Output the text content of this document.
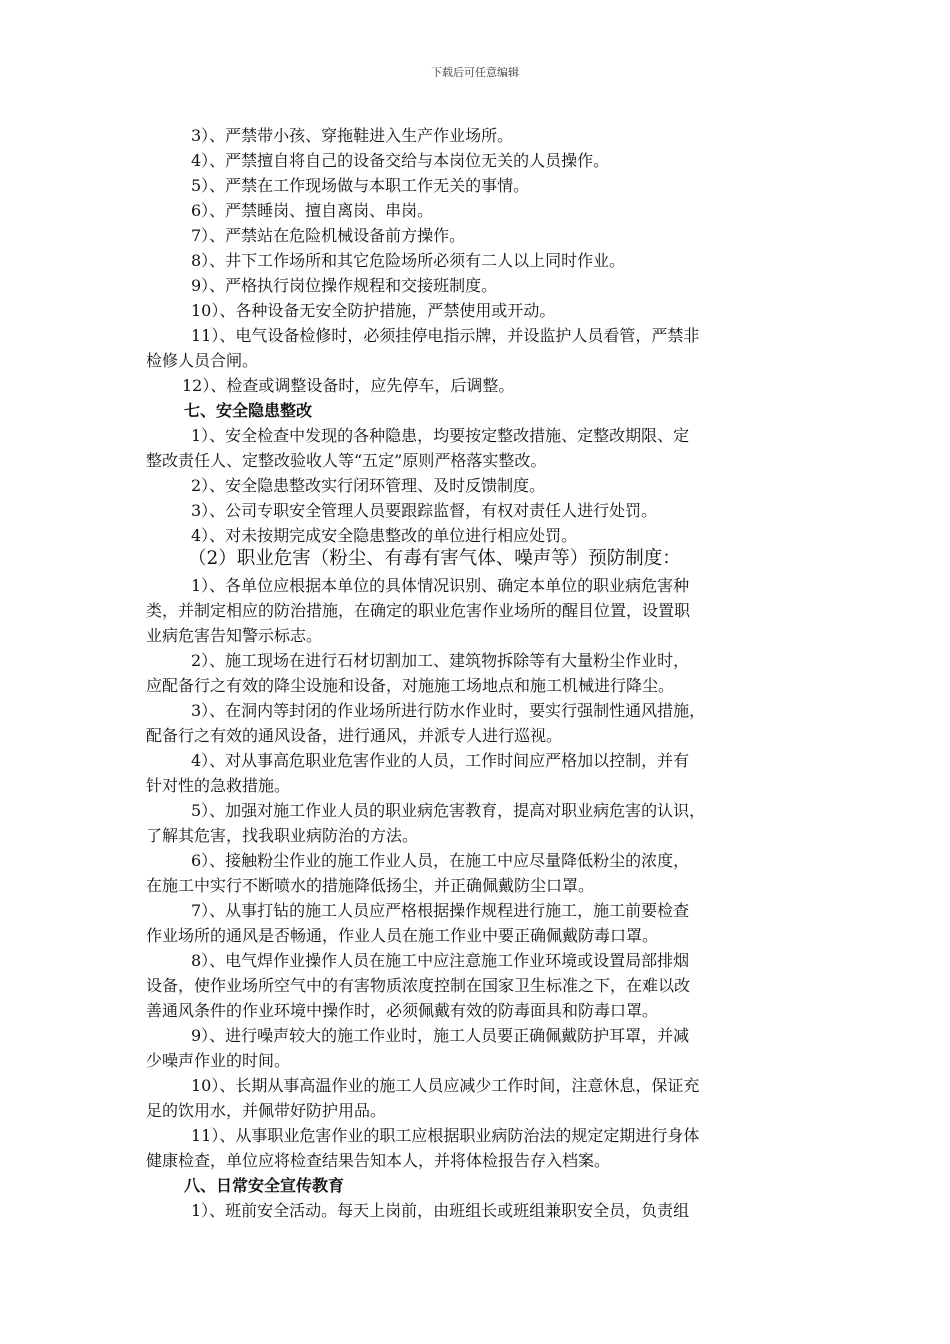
下载后可任意编辑
3）、严禁带小孩、穿拖鞋进入生产作业场所。
4）、严禁擅自将自己的设备交给与本岗位无关的人员操作。
5）、严禁在工作现场做与本职工作无关的事情。
6）、严禁睡岗、擅自离岗、串岗。
7）、严禁站在危险机械设备前方操作。
8）、井下工作场所和其它危险场所必须有二人以上同时作业。
9）、严格执行岗位操作规程和交接班制度。
10）、各种设备无安全防护措施，严禁使用或开动。
11）、电气设备检修时，必须挂停电指示牌，并设监护人员看管，严禁非
检修人员合闸。
12）、检查或调整设备时，应先停车，后调整。
七、安全隐患整改
1）、安全检查中发现的各种隐患，均要按定整改措施、定整改期限、定
整改责任人、定整改验收人等“五定”原则严格落实整改。
2）、安全隐患整改实行闭环管理、及时反馈制度。
3）、公司专职安全管理人员要跟踪监督，有权对责任人进行处罚。
4）、对未按期完成安全隐患整改的单位进行相应处罚。
（2）职业危害（粉尘、有毒有害气体、噪声等）预防制度：
1）、各单位应根据本单位的具体情况识别、确定本单位的职业病危害种
类，并制定相应的防治措施，在确定的职业危害作业场所的醒目位置，设置职
业病危害告知警示标志。
2）、施工现场在进行石材切割加工、建筑物拆除等有大量粉尘作业时，
应配备行之有效的降尘设施和设备，对施施工场地点和施工机械进行降尘。
3）、在洞内等封闭的作业场所进行防水作业时，要实行强制性通风措施，
配备行之有效的通风设备，进行通风，并派专人进行巡视。
4）、对从事高危职业危害作业的人员，工作时间应严格加以控制，并有
针对性的急救措施。
5）、加强对施工作业人员的职业病危害教育，提高对职业病危害的认识，
了解其危害，找我职业病防治的方法。
6）、接触粉尘作业的施工作业人员，在施工中应尽量降低粉尘的浓度，
在施工中实行不断喷水的措施降低扬尘，并正确佩戴防尘口罩。
7）、从事打钻的施工人员应严格根据操作规程进行施工，施工前要检查
作业场所的通风是否畅通，作业人员在施工作业中要正确佩戴防毒口罩。
8）、电气焊作业操作人员在施工中应注意施工作业环境或设置局部排烟
设备，使作业场所空气中的有害物质浓度控制在国家卫生标准之下，在难以改
善通风条件的作业环境中操作时，必须佩戴有效的防毒面具和防毒口罩。
9）、进行噪声较大的施工作业时，施工人员要正确佩戴防护耳罩，并减
少噪声作业的时间。
10）、长期从事高温作业的施工人员应减少工作时间，注意休息，保证充
足的饮用水，并佩带好防护用品。
11）、从事职业危害作业的职工应根据职业病防治法的规定定期进行身体
健康检查，单位应将检查结果告知本人，并将体检报告存入档案。
八、日常安全宣传教育
1）、班前安全活动。每天上岗前，由班组长或班组兼职安全员，负责组
